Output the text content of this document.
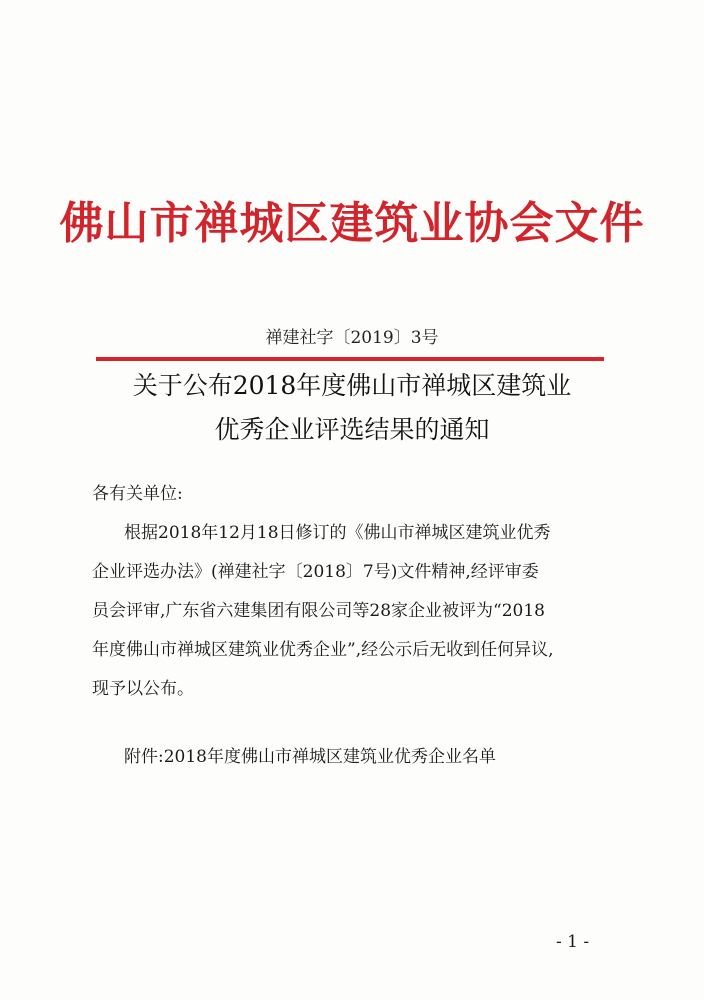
佛山市禅城区建筑业协会文件
禅建社字〔2019〕3号
关于公布2018年度佛山市禅城区建筑业
优秀企业评选结果的通知
各有关单位:
根据2018年12月18日修订的《佛山市禅城区建筑业优秀
企业评选办法》(禅建社字〔2018〕7号)文件精神,经评审委
员会评审,广东省六建集团有限公司等28家企业被评为“2018
年度佛山市禅城区建筑业优秀企业”,经公示后无收到任何异议,
现予以公布。
附件:2018年度佛山市禅城区建筑业优秀企业名单
- 1 -
